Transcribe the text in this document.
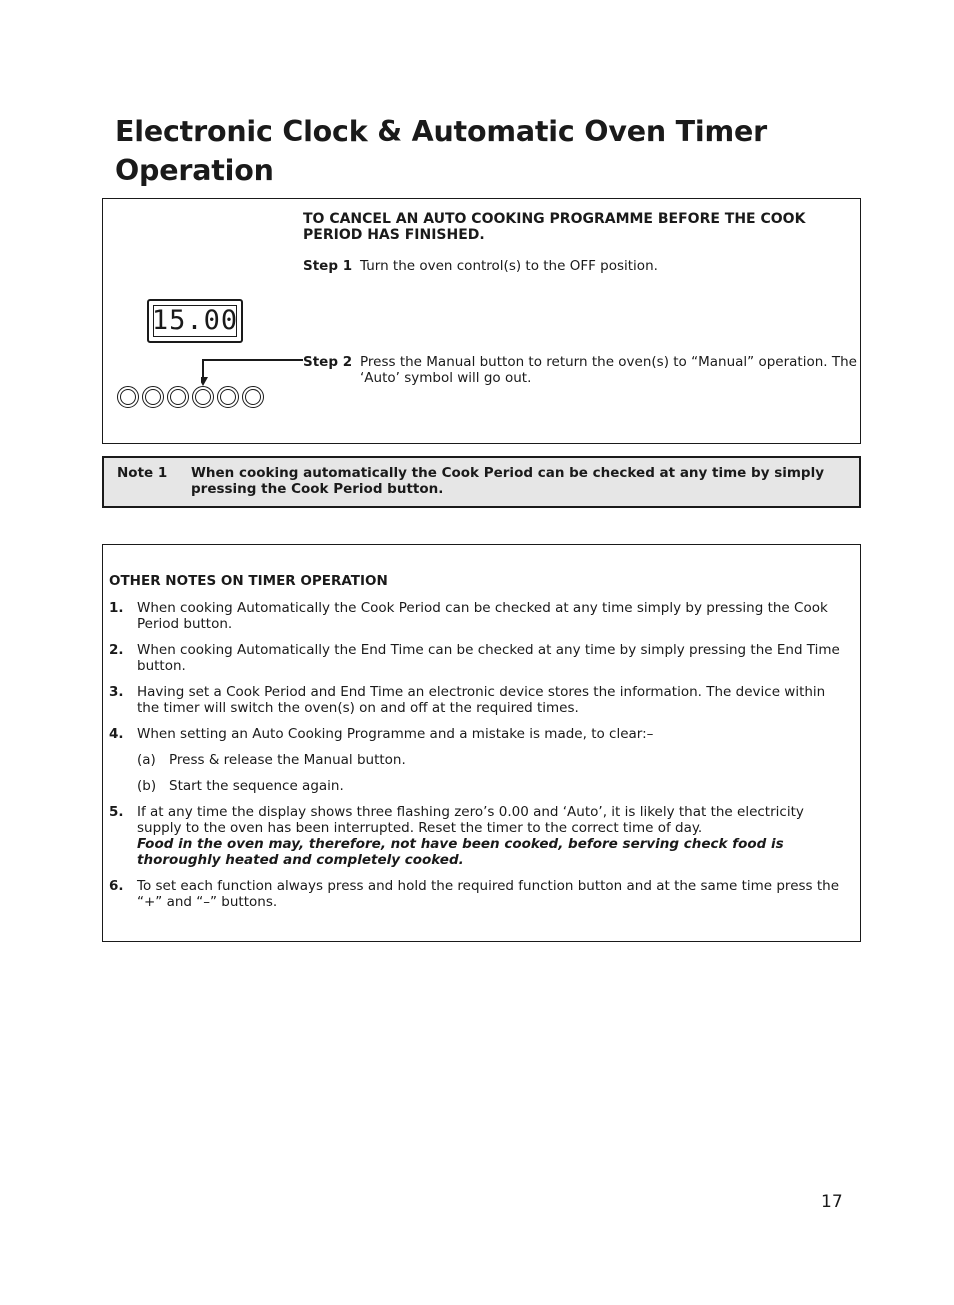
Electronic Clock & Automatic Oven Timer Operation
TO CANCEL AN AUTO COOKING PROGRAMME BEFORE THE COOK PERIOD HAS FINISHED.
Step 1 Turn the oven control(s) to the OFF position.
15.00
Step 2 Press the Manual button to return the oven(s) to “Manual” operation. The ‘Auto’ symbol will go out.
Note 1 When cooking automatically the Cook Period can be checked at any time by simply pressing the Cook Period button.
OTHER NOTES ON TIMER OPERATION
1. When cooking Automatically the Cook Period can be checked at any time simply by pressing the Cook Period button.
2. When cooking Automatically the End Time can be checked at any time by simply pressing the End Time button.
3. Having set a Cook Period and End Time an electronic device stores the information. The device within the timer will switch the oven(s) on and off at the required times.
4. When setting an Auto Cooking Programme and a mistake is made, to clear:–
(a) Press & release the Manual button.
(b) Start the sequence again.
5. If at any time the display shows three flashing zero’s 0.00 and ‘Auto’, it is likely that the electricity supply to the oven has been interrupted. Reset the timer to the correct time of day.
Food in the oven may, therefore, not have been cooked, before serving check food is thoroughly heated and completely cooked.
6. To set each function always press and hold the required function button and at the same time press the “+” and “–” buttons.
17
